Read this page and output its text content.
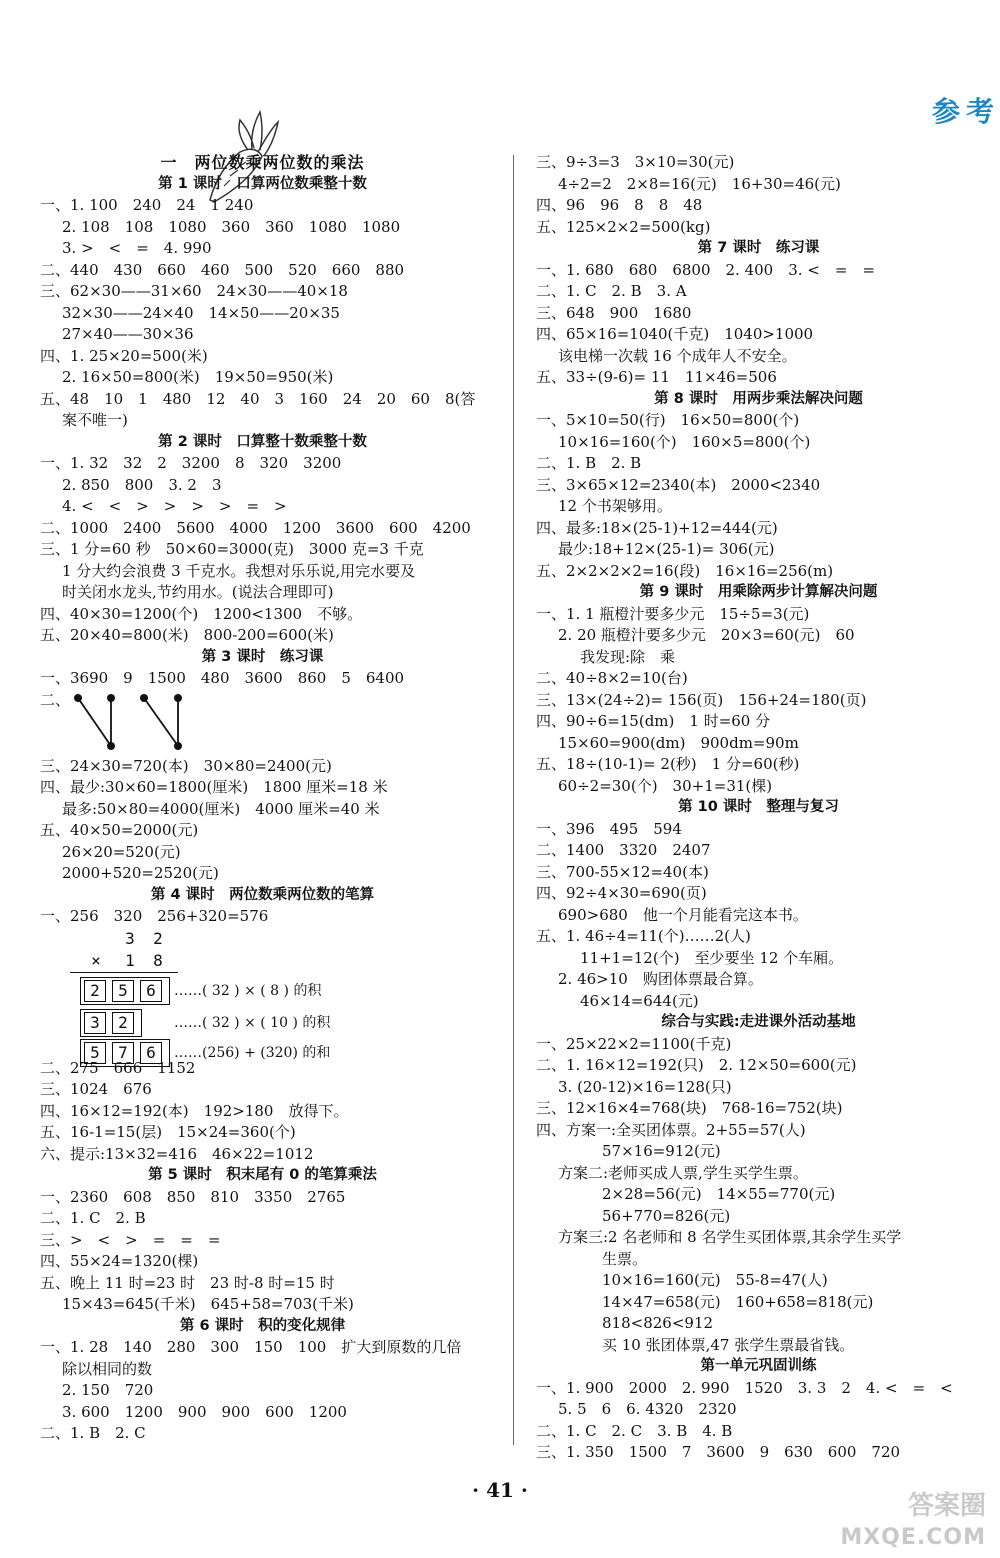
参考
一　两位数乘两位数的乘法
第 1 课时　口算两位数乘整十数
一、1. 100　240　24　1 240
2. 108　108　1080　360　360　1080　1080
3. >　<　=　4. 990
二、440　430　660　460　500　520　660　880
三、62×30——31×60　24×30——40×18
32×30——24×40　14×50——20×35
27×40——30×36
四、1. 25×20=500(米)
2. 16×50=800(米)　19×50=950(米)
五、48　10　1　480　12　40　3　160　24　20　60　8(答
案不唯一)
第 2 课时　口算整十数乘整十数
一、1. 32　32　2　3200　8　320　3200
2. 850　800　3. 2　3
4. <　<　>　>　>　>　=　>
二、1000　2400　5600　4000　1200　3600　600　4200
三、1 分=60 秒　50×60=3000(克)　3000 克=3 千克
1 分大约会浪费 3 千克水。我想对乐乐说,用完水要及
时关闭水龙头,节约用水。(说法合理即可)
四、40×30=1200(个)　1200<1300　不够。
五、20×40=800(米)　800-200=600(米)
第 3 课时　练习课
一、3690　9　1500　480　3600　860　5　6400
二、
三、24×30=720(本)　30×80=2400(元)
四、最少:30×60=1800(厘米)　1800 厘米=18 米
最多:50×80=4000(厘米)　4000 厘米=40 米
五、40×50=2000(元)
26×20=520(元)
2000+520=2520(元)
第 4 课时　两位数乘两位数的笔算
一、256　320　256+320=576
3	2
×	1	8
2	5	6	……( 32 ) × ( 8 ) 的积
3	2	……( 32 ) × ( 10 ) 的积
5	7	6	……(256) + (320) 的和
二、275　666　1152
三、1024　676
四、16×12=192(本)　192>180　放得下。
五、16-1=15(层)　15×24=360(个)
六、提示:13×32=416　46×22=1012
第 5 课时　积末尾有 0 的笔算乘法
一、2360　608　850　810　3350　2765
二、1. C　2. B
三、>　<　>　=　=　=
四、55×24=1320(棵)
五、晚上 11 时=23 时　23 时-8 时=15 时
15×43=645(千米)　645+58=703(千米)
第 6 课时　积的变化规律
一、1. 28　140　280　300　150　100　扩大到原数的几倍
除以相同的数
2. 150　720
3. 600　1200　900　900　600　1200
二、1. B　2. C
三、9÷3=3　3×10=30(元)
4÷2=2　2×8=16(元)　16+30=46(元)
四、96　96　8　8　48
五、125×2×2=500(kg)
第 7 课时　练习课
一、1. 680　680　6800　2. 400　3. <　=　=
二、1. C　2. B　3. A
三、648　900　1680
四、65×16=1040(千克)　1040>1000
该电梯一次载 16 个成年人不安全。
五、33÷(9-6)= 11　11×46=506
第 8 课时　用两步乘法解决问题
一、5×10=50(行)　16×50=800(个)
10×16=160(个)　160×5=800(个)
二、1. B　2. B
三、3×65×12=2340(本)　2000<2340
12 个书架够用。
四、最多:18×(25-1)+12=444(元)
最少:18+12×(25-1)= 306(元)
五、2×2×2×2=16(段)　16×16=256(m)
第 9 课时　用乘除两步计算解决问题
一、1. 1 瓶橙汁要多少元　15÷5=3(元)
2. 20 瓶橙汁要多少元　20×3=60(元)　60
我发现:除　乘
二、40÷8×2=10(台)
三、13×(24÷2)= 156(页)　156+24=180(页)
四、90÷6=15(dm)　1 时=60 分
15×60=900(dm)　900dm=90m
五、18÷(10-1)= 2(秒)　1 分=60(秒)
60÷2=30(个)　30+1=31(棵)
第 10 课时　整理与复习
一、396　495　594
二、1400　3320　2407
三、700-55×12=40(本)
四、92÷4×30=690(页)
690>680　他一个月能看完这本书。
五、1. 46÷4=11(个)……2(人)
11+1=12(个)　至少要坐 12 个车厢。
2. 46>10　购团体票最合算。
46×14=644(元)
综合与实践:走进课外活动基地
一、25×22×2=1100(千克)
二、1. 16×12=192(只)　2. 12×50=600(元)
3. (20-12)×16=128(只)
三、12×16×4=768(块)　768-16=752(块)
四、方案一:全买团体票。2+55=57(人)
57×16=912(元)
方案二:老师买成人票,学生买学生票。
2×28=56(元)　14×55=770(元)
56+770=826(元)
方案三:2 名老师和 8 名学生买团体票,其余学生买学
生票。
10×16=160(元)　55-8=47(人)
14×47=658(元)　160+658=818(元)
818<826<912
买 10 张团体票,47 张学生票最省钱。
第一单元巩固训练
一、1. 900　2000　2. 990　1520　3. 3　2　4. <　=　<
5. 5　6　6. 4320　2320
二、1. C　2. C　3. B　4. B
三、1. 350　1500　7　3600　9　630　600　720
· 41 ·
答案圈
MXQE.COM
